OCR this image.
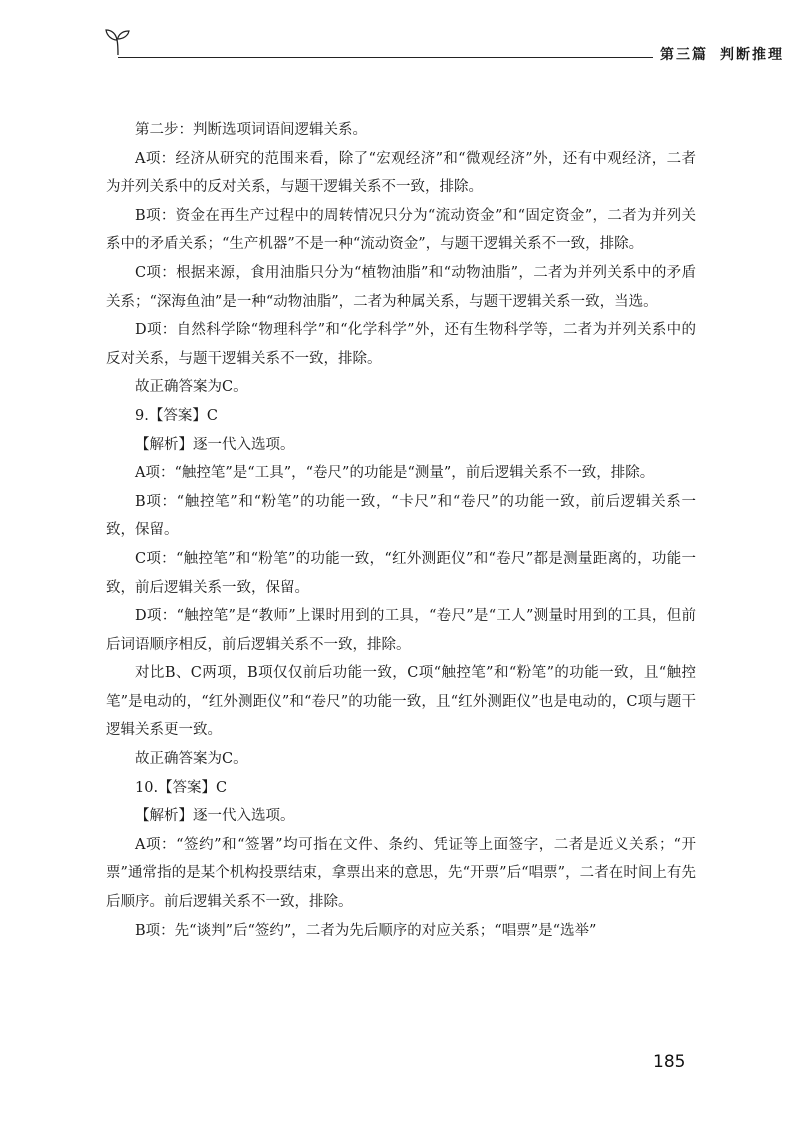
第三篇 判断推理

第二步：判断选项词语间逻辑关系。

A项：经济从研究的范围来看，除了“宏观经济”和“微观经济”外，还有中观经济，二者为并列关系中的反对关系，与题干逻辑关系不一致，排除。

B项：资金在再生产过程中的周转情况只分为“流动资金”和“固定资金”，二者为并列关系中的矛盾关系；“生产机器”不是一种“流动资金”，与题干逻辑关系不一致，排除。

C项：根据来源，食用油脂只分为“植物油脂”和“动物油脂”，二者为并列关系中的矛盾关系；“深海鱼油”是一种“动物油脂”，二者为种属关系，与题干逻辑关系一致，当选。

D项：自然科学除“物理科学”和“化学科学”外，还有生物科学等，二者为并列关系中的反对关系，与题干逻辑关系不一致，排除。

故正确答案为C。

9.【答案】C

【解析】逐一代入选项。

A项：“触控笔”是“工具”，“卷尺”的功能是“测量”，前后逻辑关系不一致，排除。

B项：“触控笔”和“粉笔”的功能一致，“卡尺”和“卷尺”的功能一致，前后逻辑关系一致，保留。

C项：“触控笔”和“粉笔”的功能一致，“红外测距仪”和“卷尺”都是测量距离的，功能一致，前后逻辑关系一致，保留。

D项：“触控笔”是“教师”上课时用到的工具，“卷尺”是“工人”测量时用到的工具，但前后词语顺序相反，前后逻辑关系不一致，排除。

对比B、C两项，B项仅仅前后功能一致，C项“触控笔”和“粉笔”的功能一致，且“触控笔”是电动的，“红外测距仪”和“卷尺”的功能一致，且“红外测距仪”也是电动的，C项与题干逻辑关系更一致。

故正确答案为C。

10.【答案】C

【解析】逐一代入选项。

A项：“签约”和“签署”均可指在文件、条约、凭证等上面签字，二者是近义关系；“开票”通常指的是某个机构投票结束，拿票出来的意思，先“开票”后“唱票”，二者在时间上有先后顺序。前后逻辑关系不一致，排除。

B项：先“谈判”后“签约”，二者为先后顺序的对应关系；“唱票”是“选举”

185
